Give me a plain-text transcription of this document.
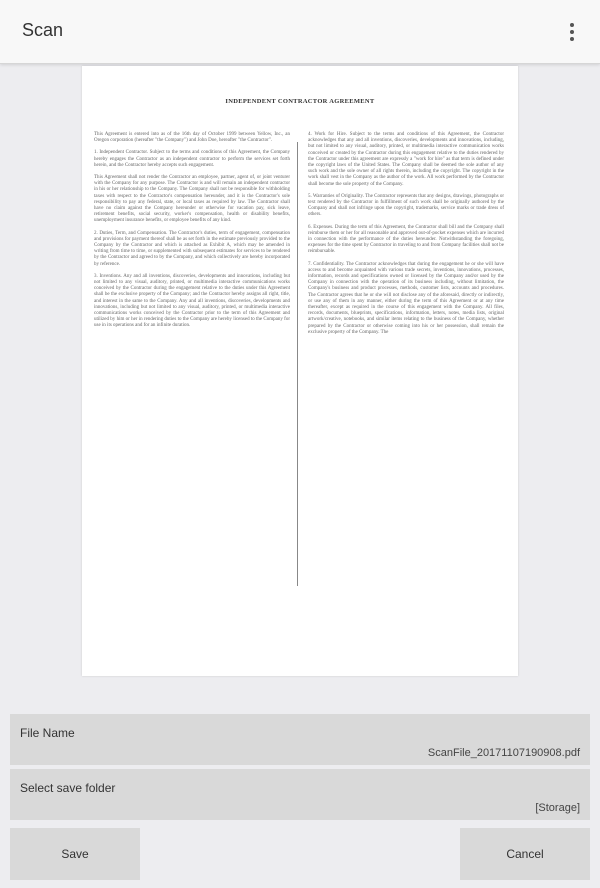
Scan
INDEPENDENT CONTRACTOR AGREEMENT

This Agreement is entered into as of the 16th day of October 1999 between Yellow, Inc., an Oregon corporation (hereafter "the Company") and John Doe, hereafter "the Contractor".

1. Independent Contractor. Subject to the terms and conditions of this Agreement, the Company hereby engages the Contractor as an independent contractor to perform the services set forth herein, and the Contractor hereby accepts such engagement.

This Agreement shall not render the Contractor an employee, partner, agent of, or joint venturer with the Company for any purpose. The Contractor is and will remain an independent contractor in his or her relationship to the Company. The Company shall not be responsible for withholding taxes with respect to the Contractor's compensation hereunder, and it is the Contractor's sole responsibility to pay any federal, state, or local taxes as required by law. The Contractor shall have no claim against the Company hereunder or otherwise for vacation pay, sick leave, retirement benefits, social security, worker's compensation, health or disability benefits, unemployment insurance benefits, or employee benefits of any kind.

2. Duties, Term, and Compensation. The Contractor's duties, term of engagement, compensation and provisions for payment thereof shall be as set forth in the estimate previously provided to the Company by the Contractor and which is attached as Exhibit A, which may be amended in writing from time to time, or supplemented with subsequent estimates for services to be rendered by the Contractor and agreed to by the Company, and which collectively are hereby incorporated by reference.

3. Inventions. Any and all inventions, discoveries, developments and innovations, including but not limited to any visual, auditory, printed, or multimedia interactive communications works conceived by the Contractor during the engagement relative to the duties under this Agreement shall be the exclusive property of the Company; and the Contractor hereby assigns all right, title, and interest in the same to the Company. Any and all inventions, discoveries, developments and innovations, including but not limited to any visual, auditory, printed, or multimedia interactive communications works conceived by the Contractor prior to the term of this Agreement and utilized by him or her in rendering duties to the Company are hereby licensed to the Company for use in its operations and for an infinite duration.

4. Work for Hire. Subject to the terms and conditions of this Agreement, the Contractor acknowledges that any and all inventions, discoveries, developments and innovations, including, but not limited to any visual, auditory, printed, or multimedia interactive communication works conceived or created by the Contractor during this engagement relative to the duties rendered by the Contractor under this agreement are expressly a "work for hire" as that term is defined under the copyright laws of the United States. The Company shall be deemed the sole author of any such work and the sole owner of all rights therein, including the copyright. The copyright in the work shall vest in the Company as the author of the work. All work performed by the Contractor shall become the sole property of the Company.

5. Warranties of Originality. The Contractor represents that any designs, drawings, photographs or text rendered by the Contractor in fulfillment of such work shall be originally authored by the Company and shall not infringe upon the copyright, trademarks, service marks or trade dress of others.

6. Expenses. During the term of this Agreement, the Contractor shall bill and the Company shall reimburse them or her for all reasonable and approved out-of-pocket expenses which are incurred in connection with the performance of the duties hereunder. Notwithstanding the foregoing, expenses for the time spent by Contractor in traveling to and from Company facilities shall not be reimbursable.

7. Confidentiality. The Contractor acknowledges that during the engagement he or she will have access to and become acquainted with various trade secrets, inventions, innovations, processes, information, records and specifications owned or licensed by the Company and/or used by the Company in connection with the operation of its business including, without limitation, the Company's business and product processes, methods, customer lists, accounts and procedures. The Contractor agrees that he or she will not disclose any of the aforesaid, directly or indirectly, or use any of them in any manner, either during the term of this Agreement or at any time thereafter, except as required in the course of this engagement with the Company. All files, records, documents, blueprints, specifications, information, letters, notes, media lists, original artwork/creative, notebooks, and similar items relating to the business of the Company, whether prepared by the Contractor or otherwise coming into his or her possession, shall remain the exclusive property of the Company. The

File Name
ScanFile_20171107190908.pdf
Select save folder
[Storage]
Save	Cancel
